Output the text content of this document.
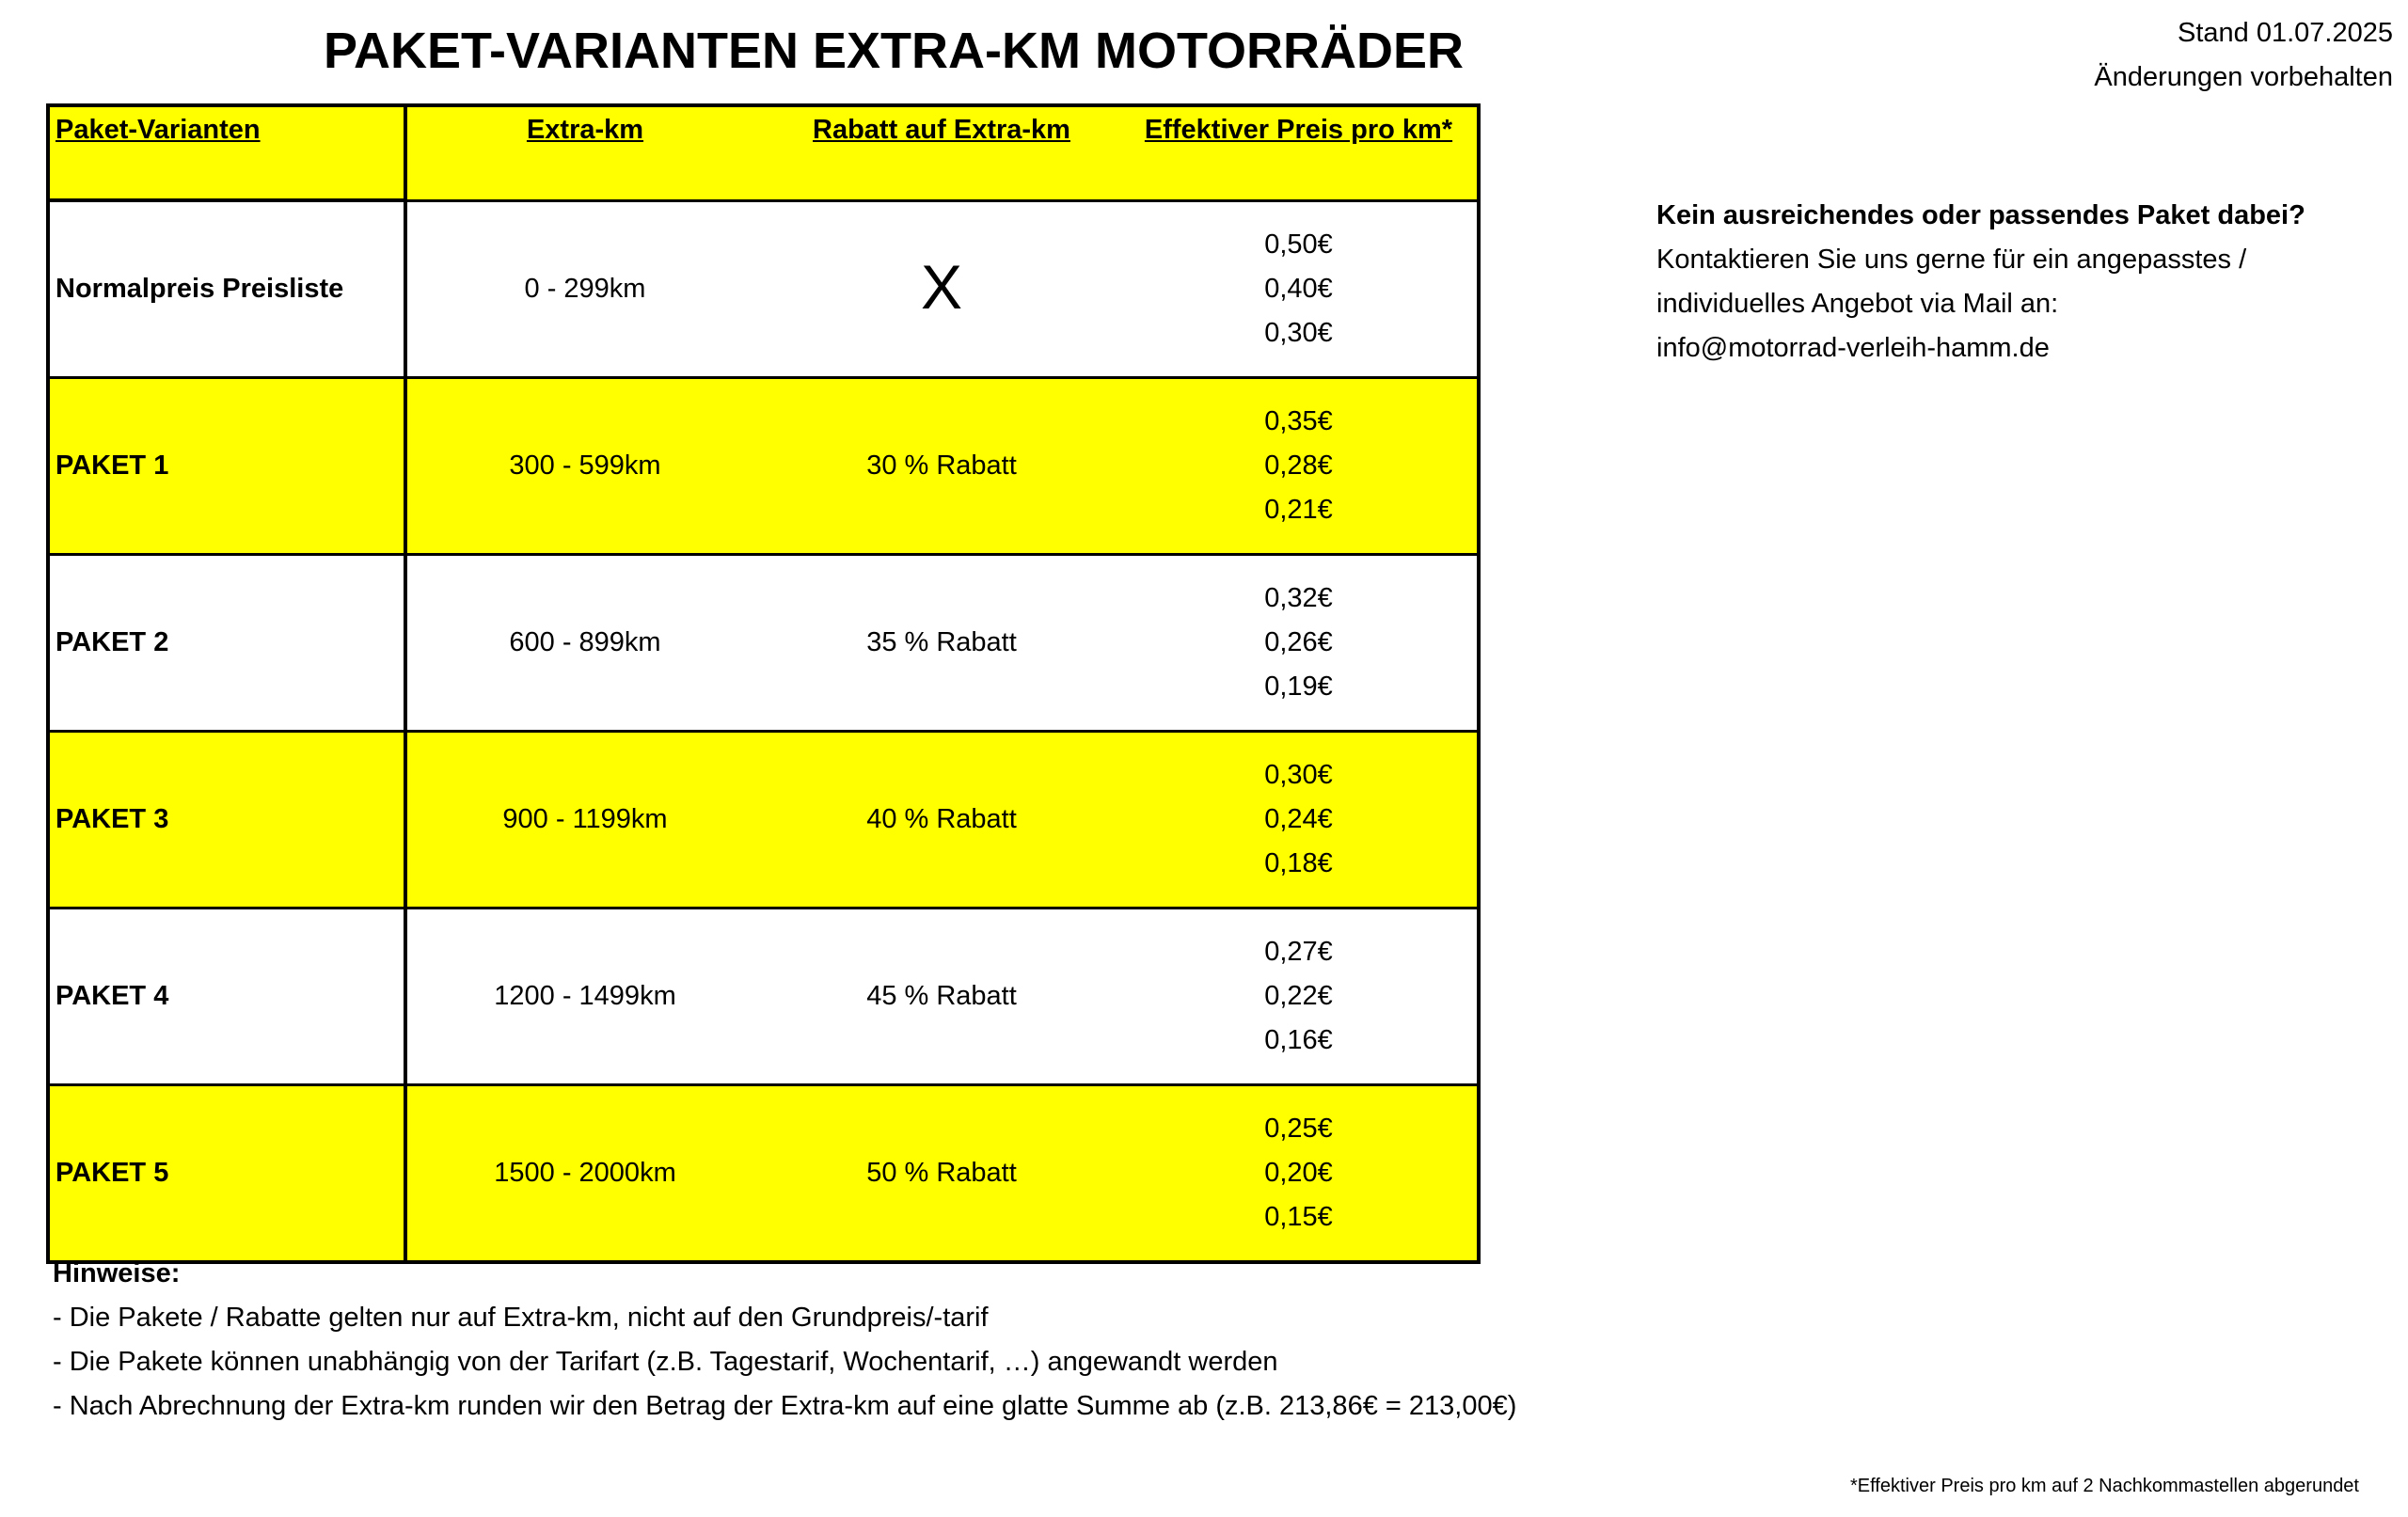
PAKET-VARIANTEN EXTRA-KM MOTORRÄDER	Stand 01.07.2025
Änderungen vorbehalten
Paket-Varianten	Extra-km	Rabatt auf Extra-km	Effektiver Preis pro km*
Normalpreis Preisliste	0 - 299km	X	0,50€
0,40€
0,30€

PAKET 1	300 - 599km	30 % Rabatt	0,35€
0,28€
0,21€

PAKET 2	600 - 899km	35 % Rabatt	0,32€
0,26€
0,19€

PAKET 3	900 - 1199km	40 % Rabatt	0,30€
0,24€
0,18€

PAKET 4	1200 - 1499km	45 % Rabatt	0,27€
0,22€
0,16€

PAKET 5	1500 - 2000km	50 % Rabatt	0,25€
0,20€
0,15€
Hinweise:
- Die Pakete / Rabatte gelten nur auf Extra-km, nicht auf den Grundpreis/-tarif
- Die Pakete können unabhängig von der Tarifart (z.B. Tagestarif, Wochentarif, …) angewandt werden
- Nach Abrechnung der Extra-km runden wir den Betrag der Extra-km auf eine glatte Summe ab (z.B. 213,86€ = 213,00€)
Kein ausreichendes oder passendes Paket dabei?
Kontaktieren Sie uns gerne für ein angepasstes /
individuelles Angebot via Mail an:
info@motorrad-verleih-hamm.de
*Effektiver Preis pro km auf 2 Nachkommastellen abgerundet
